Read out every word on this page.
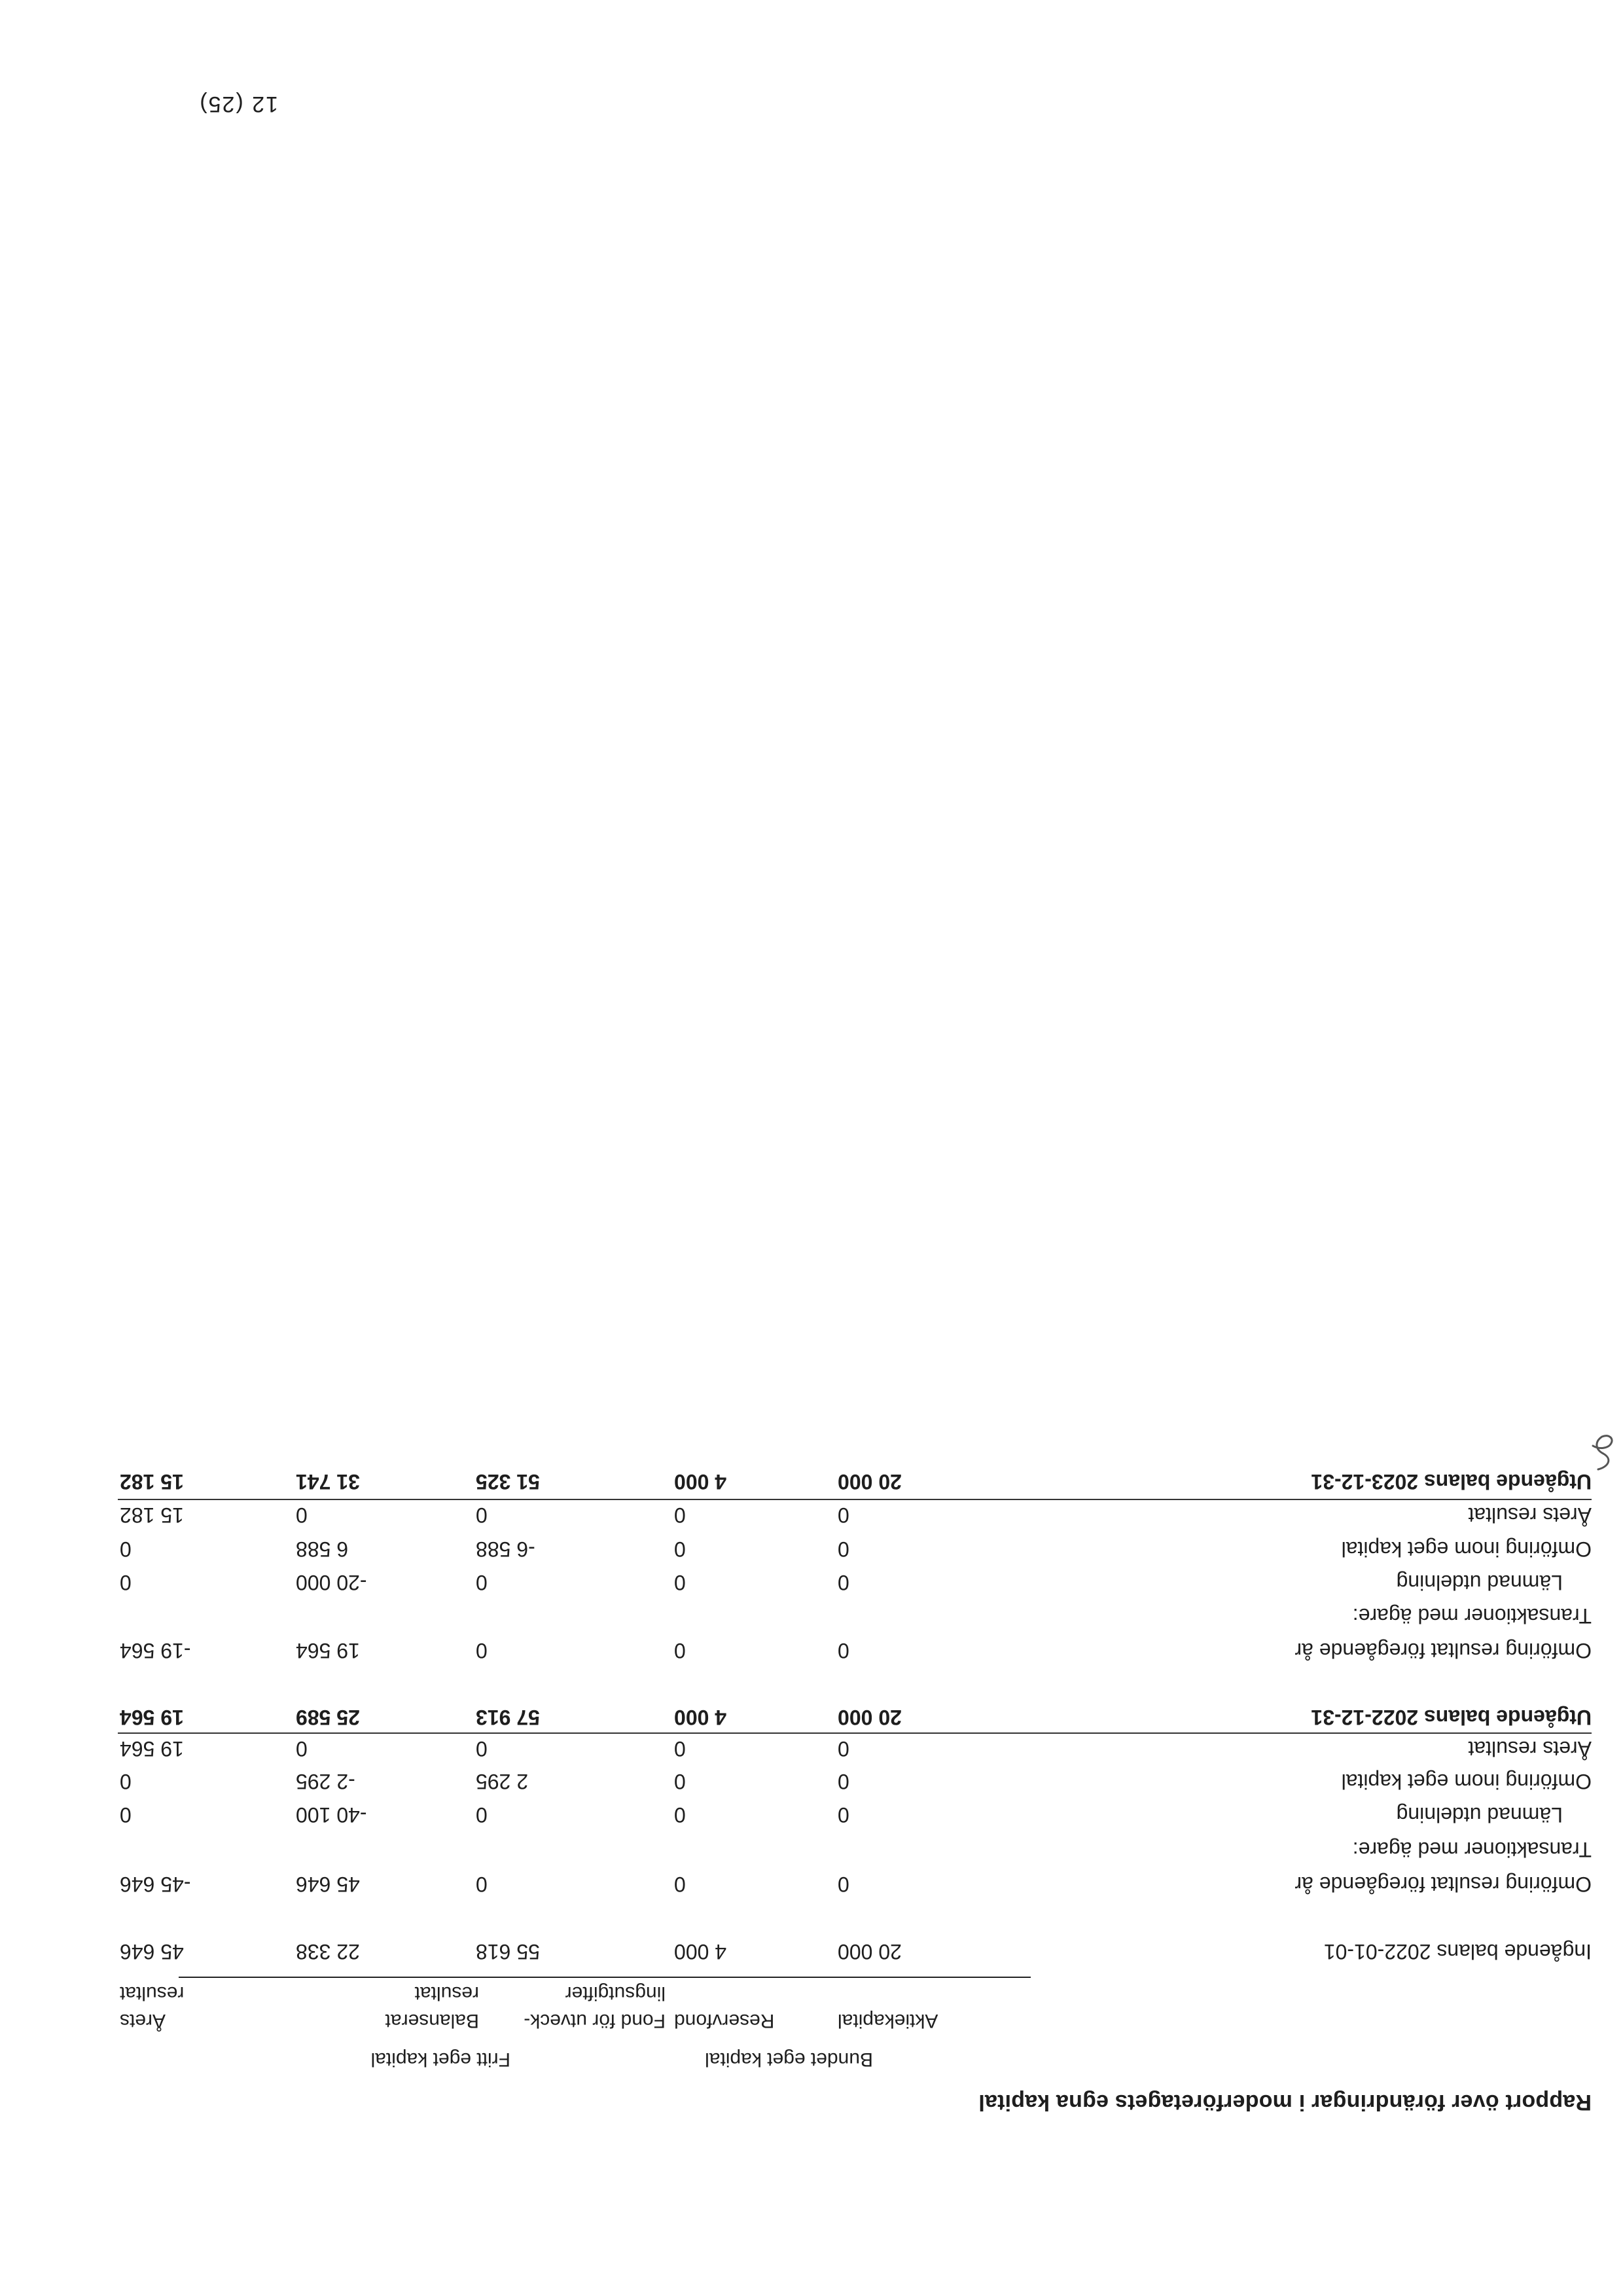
Rapport över förändringar i moderföretagets egna kapital
Bundet eget kapital
Fritt eget kapital
Aktiekapital
Reservfond
Fond för utveck-
lingsutgifter
Balanserat
resultat
Årets
resultat
Ingående balans 2022-01-01
20 000
4 000
55 618
22 338
45 646
Omföring resultat föregående år
0
0
0
45 646
-45 646
Transaktioner med ägare:
Lämnad utdelning
0
0
0
-40 100
0
Omföring inom eget kapital
0
0
2 295
-2 295
0
Årets resultat
0
0
0
0
19 564
Utgående balans 2022-12-31
20 000
4 000
57 913
25 589
19 564
Omföring resultat föregående år
0
0
0
19 564
-19 564
Transaktioner med ägare:
Lämnad utdelning
0
0
0
-20 000
0
Omföring inom eget kapital
0
0
-6 588
6 588
0
Årets resultat
0
0
0
0
15 182
Utgående balans 2023-12-31
20 000
4 000
51 325
31 741
15 182
12 (25)
